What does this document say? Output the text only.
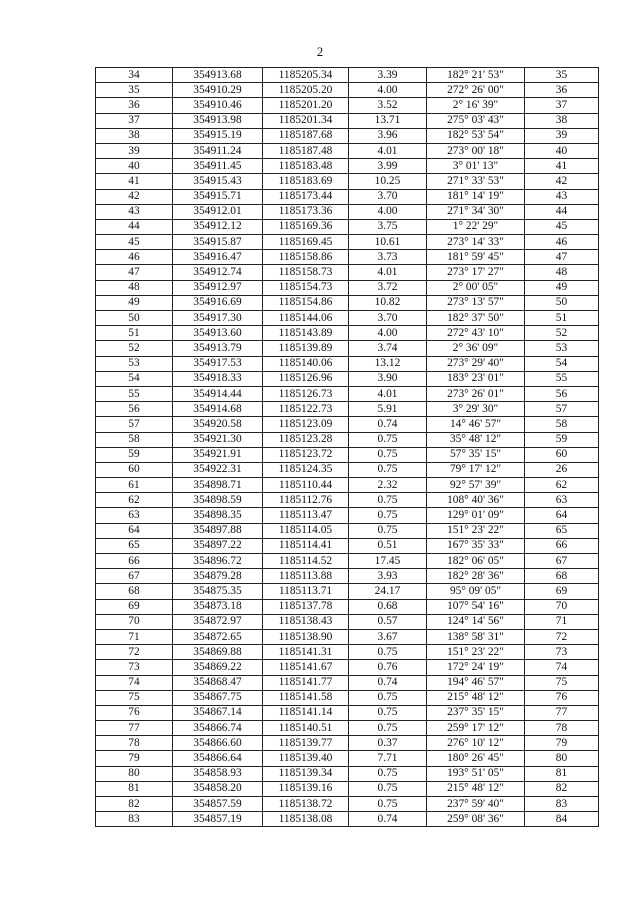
2
34	354913.68	1185205.34	3.39	182° 21' 53"	35
35	354910.29	1185205.20	4.00	272° 26' 00"	36
36	354910.46	1185201.20	3.52	2° 16' 39"	37
37	354913.98	1185201.34	13.71	275° 03' 43"	38
38	354915.19	1185187.68	3.96	182° 53' 54"	39
39	354911.24	1185187.48	4.01	273° 00' 18"	40
40	354911.45	1185183.48	3.99	3° 01' 13"	41
41	354915.43	1185183.69	10.25	271° 33' 53"	42
42	354915.71	1185173.44	3.70	181° 14' 19"	43
43	354912.01	1185173.36	4.00	271° 34' 30"	44
44	354912.12	1185169.36	3.75	1° 22' 29"	45
45	354915.87	1185169.45	10.61	273° 14' 33"	46
46	354916.47	1185158.86	3.73	181° 59' 45"	47
47	354912.74	1185158.73	4.01	273° 17' 27"	48
48	354912.97	1185154.73	3.72	2° 00' 05"	49
49	354916.69	1185154.86	10.82	273° 13' 57"	50
50	354917.30	1185144.06	3.70	182° 37' 50"	51
51	354913.60	1185143.89	4.00	272° 43' 10"	52
52	354913.79	1185139.89	3.74	2° 36' 09"	53
53	354917.53	1185140.06	13.12	273° 29' 40"	54
54	354918.33	1185126.96	3.90	183° 23' 01"	55
55	354914.44	1185126.73	4.01	273° 26' 01"	56
56	354914.68	1185122.73	5.91	3° 29' 30"	57
57	354920.58	1185123.09	0.74	14° 46' 57"	58
58	354921.30	1185123.28	0.75	35° 48' 12"	59
59	354921.91	1185123.72	0.75	57° 35' 15"	60
60	354922.31	1185124.35	0.75	79° 17' 12"	26
61	354898.71	1185110.44	2.32	92° 57' 39"	62
62	354898.59	1185112.76	0.75	108° 40' 36"	63
63	354898.35	1185113.47	0.75	129° 01' 09"	64
64	354897.88	1185114.05	0.75	151° 23' 22"	65
65	354897.22	1185114.41	0.51	167° 35' 33"	66
66	354896.72	1185114.52	17.45	182° 06' 05"	67
67	354879.28	1185113.88	3.93	182° 28' 36"	68
68	354875.35	1185113.71	24.17	95° 09' 05"	69
69	354873.18	1185137.78	0.68	107° 54' 16"	70
70	354872.97	1185138.43	0.57	124° 14' 56"	71
71	354872.65	1185138.90	3.67	138° 58' 31"	72
72	354869.88	1185141.31	0.75	151° 23' 22"	73
73	354869.22	1185141.67	0.76	172° 24' 19"	74
74	354868.47	1185141.77	0.74	194° 46' 57"	75
75	354867.75	1185141.58	0.75	215° 48' 12"	76
76	354867.14	1185141.14	0.75	237° 35' 15"	77
77	354866.74	1185140.51	0.75	259° 17' 12"	78
78	354866.60	1185139.77	0.37	276° 10' 12"	79
79	354866.64	1185139.40	7.71	180° 26' 45"	80
80	354858.93	1185139.34	0.75	193° 51' 05"	81
81	354858.20	1185139.16	0.75	215° 48' 12"	82
82	354857.59	1185138.72	0.75	237° 59' 40"	83
83	354857.19	1185138.08	0.74	259° 08' 36"	84
